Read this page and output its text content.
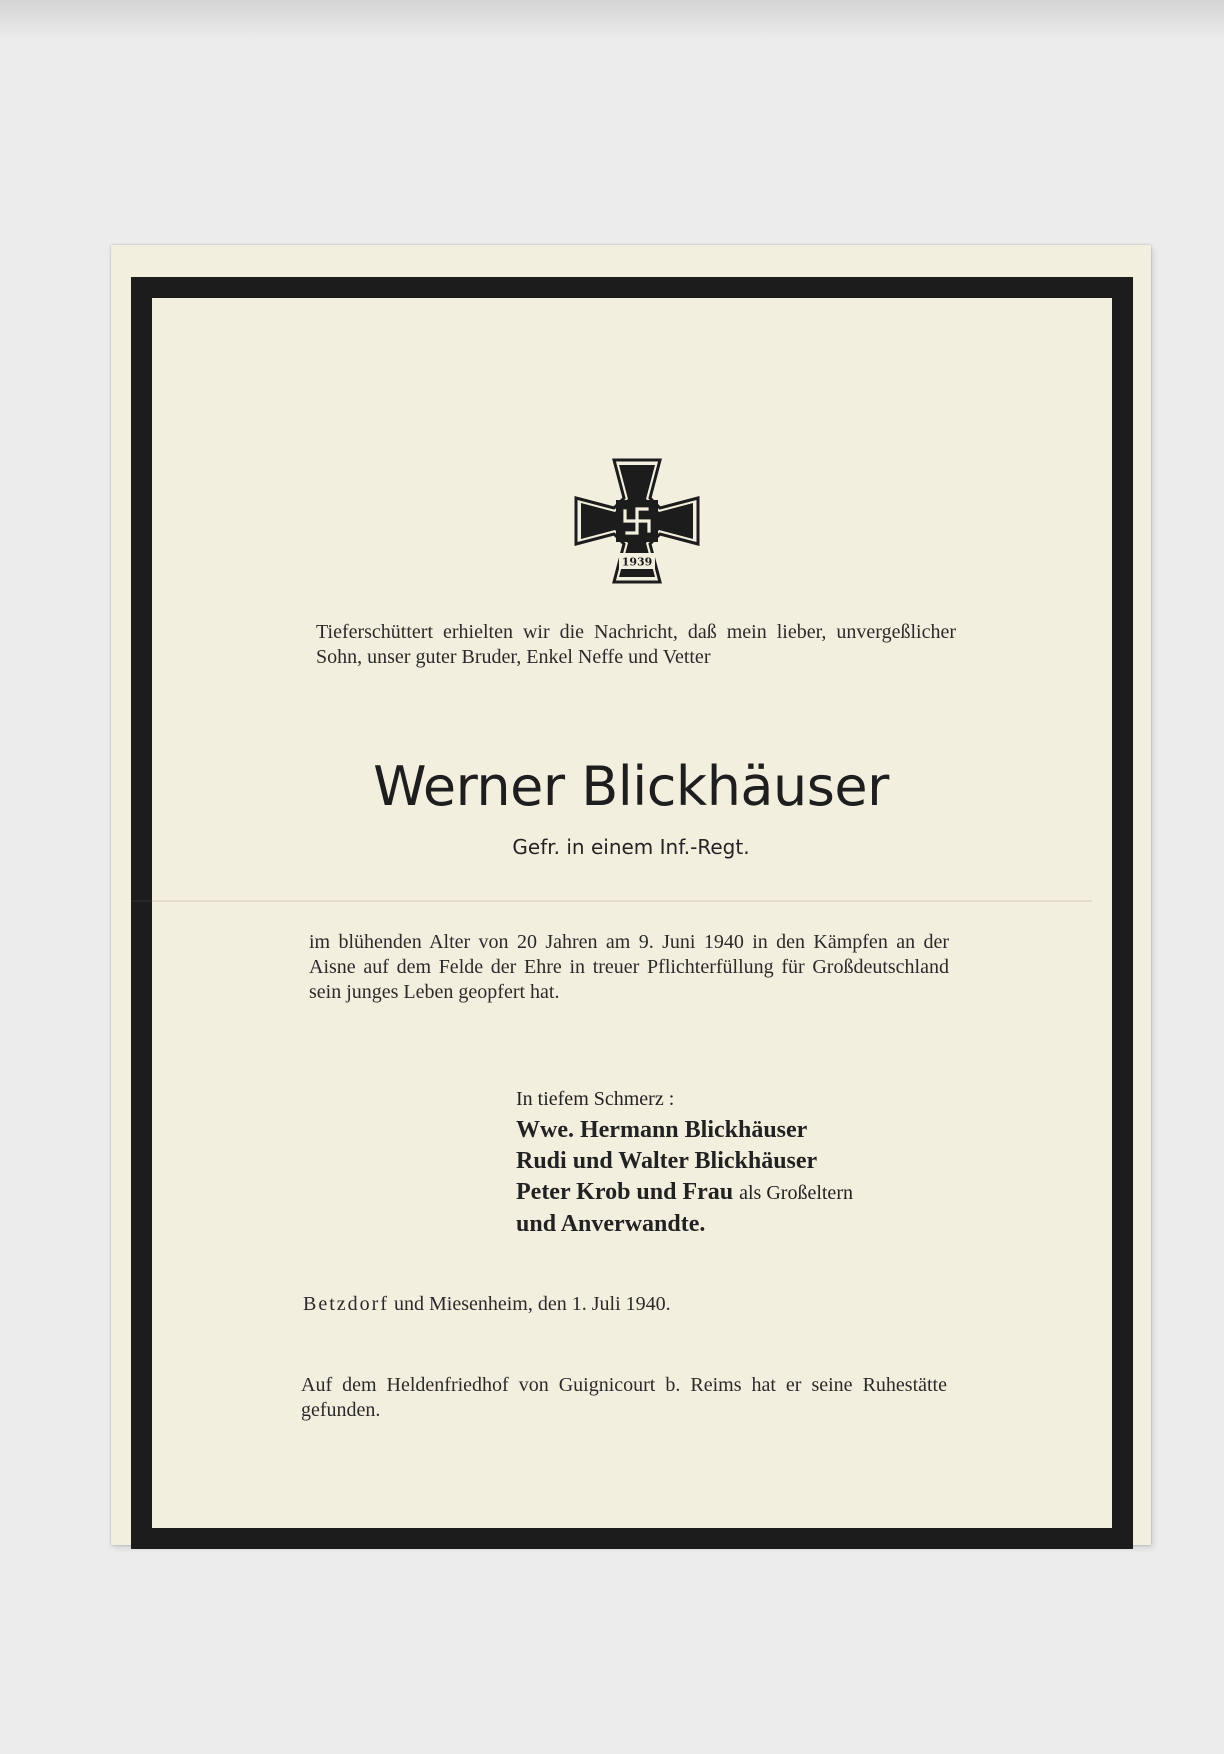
1939
Tieferschüttert erhielten wir die Nachricht, daß mein lieber, unvergeßlicher Sohn, unser guter Bruder, Enkel Neffe und Vetter
Werner Blickhäuser
Gefr. in einem Inf.-Regt.
im blühenden Alter von 20 Jahren am 9. Juni 1940 in den Kämpfen an der Aisne auf dem Felde der Ehre in treuer Pflichterfüllung für Großdeutschland sein junges Leben geopfert hat.
In tiefem Schmerz :
Wwe. Hermann Blickhäuser
Rudi und Walter Blickhäuser
Peter Krob und Frau als Großeltern
und Anverwandte.
Betzdorf und Miesenheim, den 1. Juli 1940.
Auf dem Heldenfriedhof von Guignicourt b. Reims hat er seine Ruhestätte gefunden.
